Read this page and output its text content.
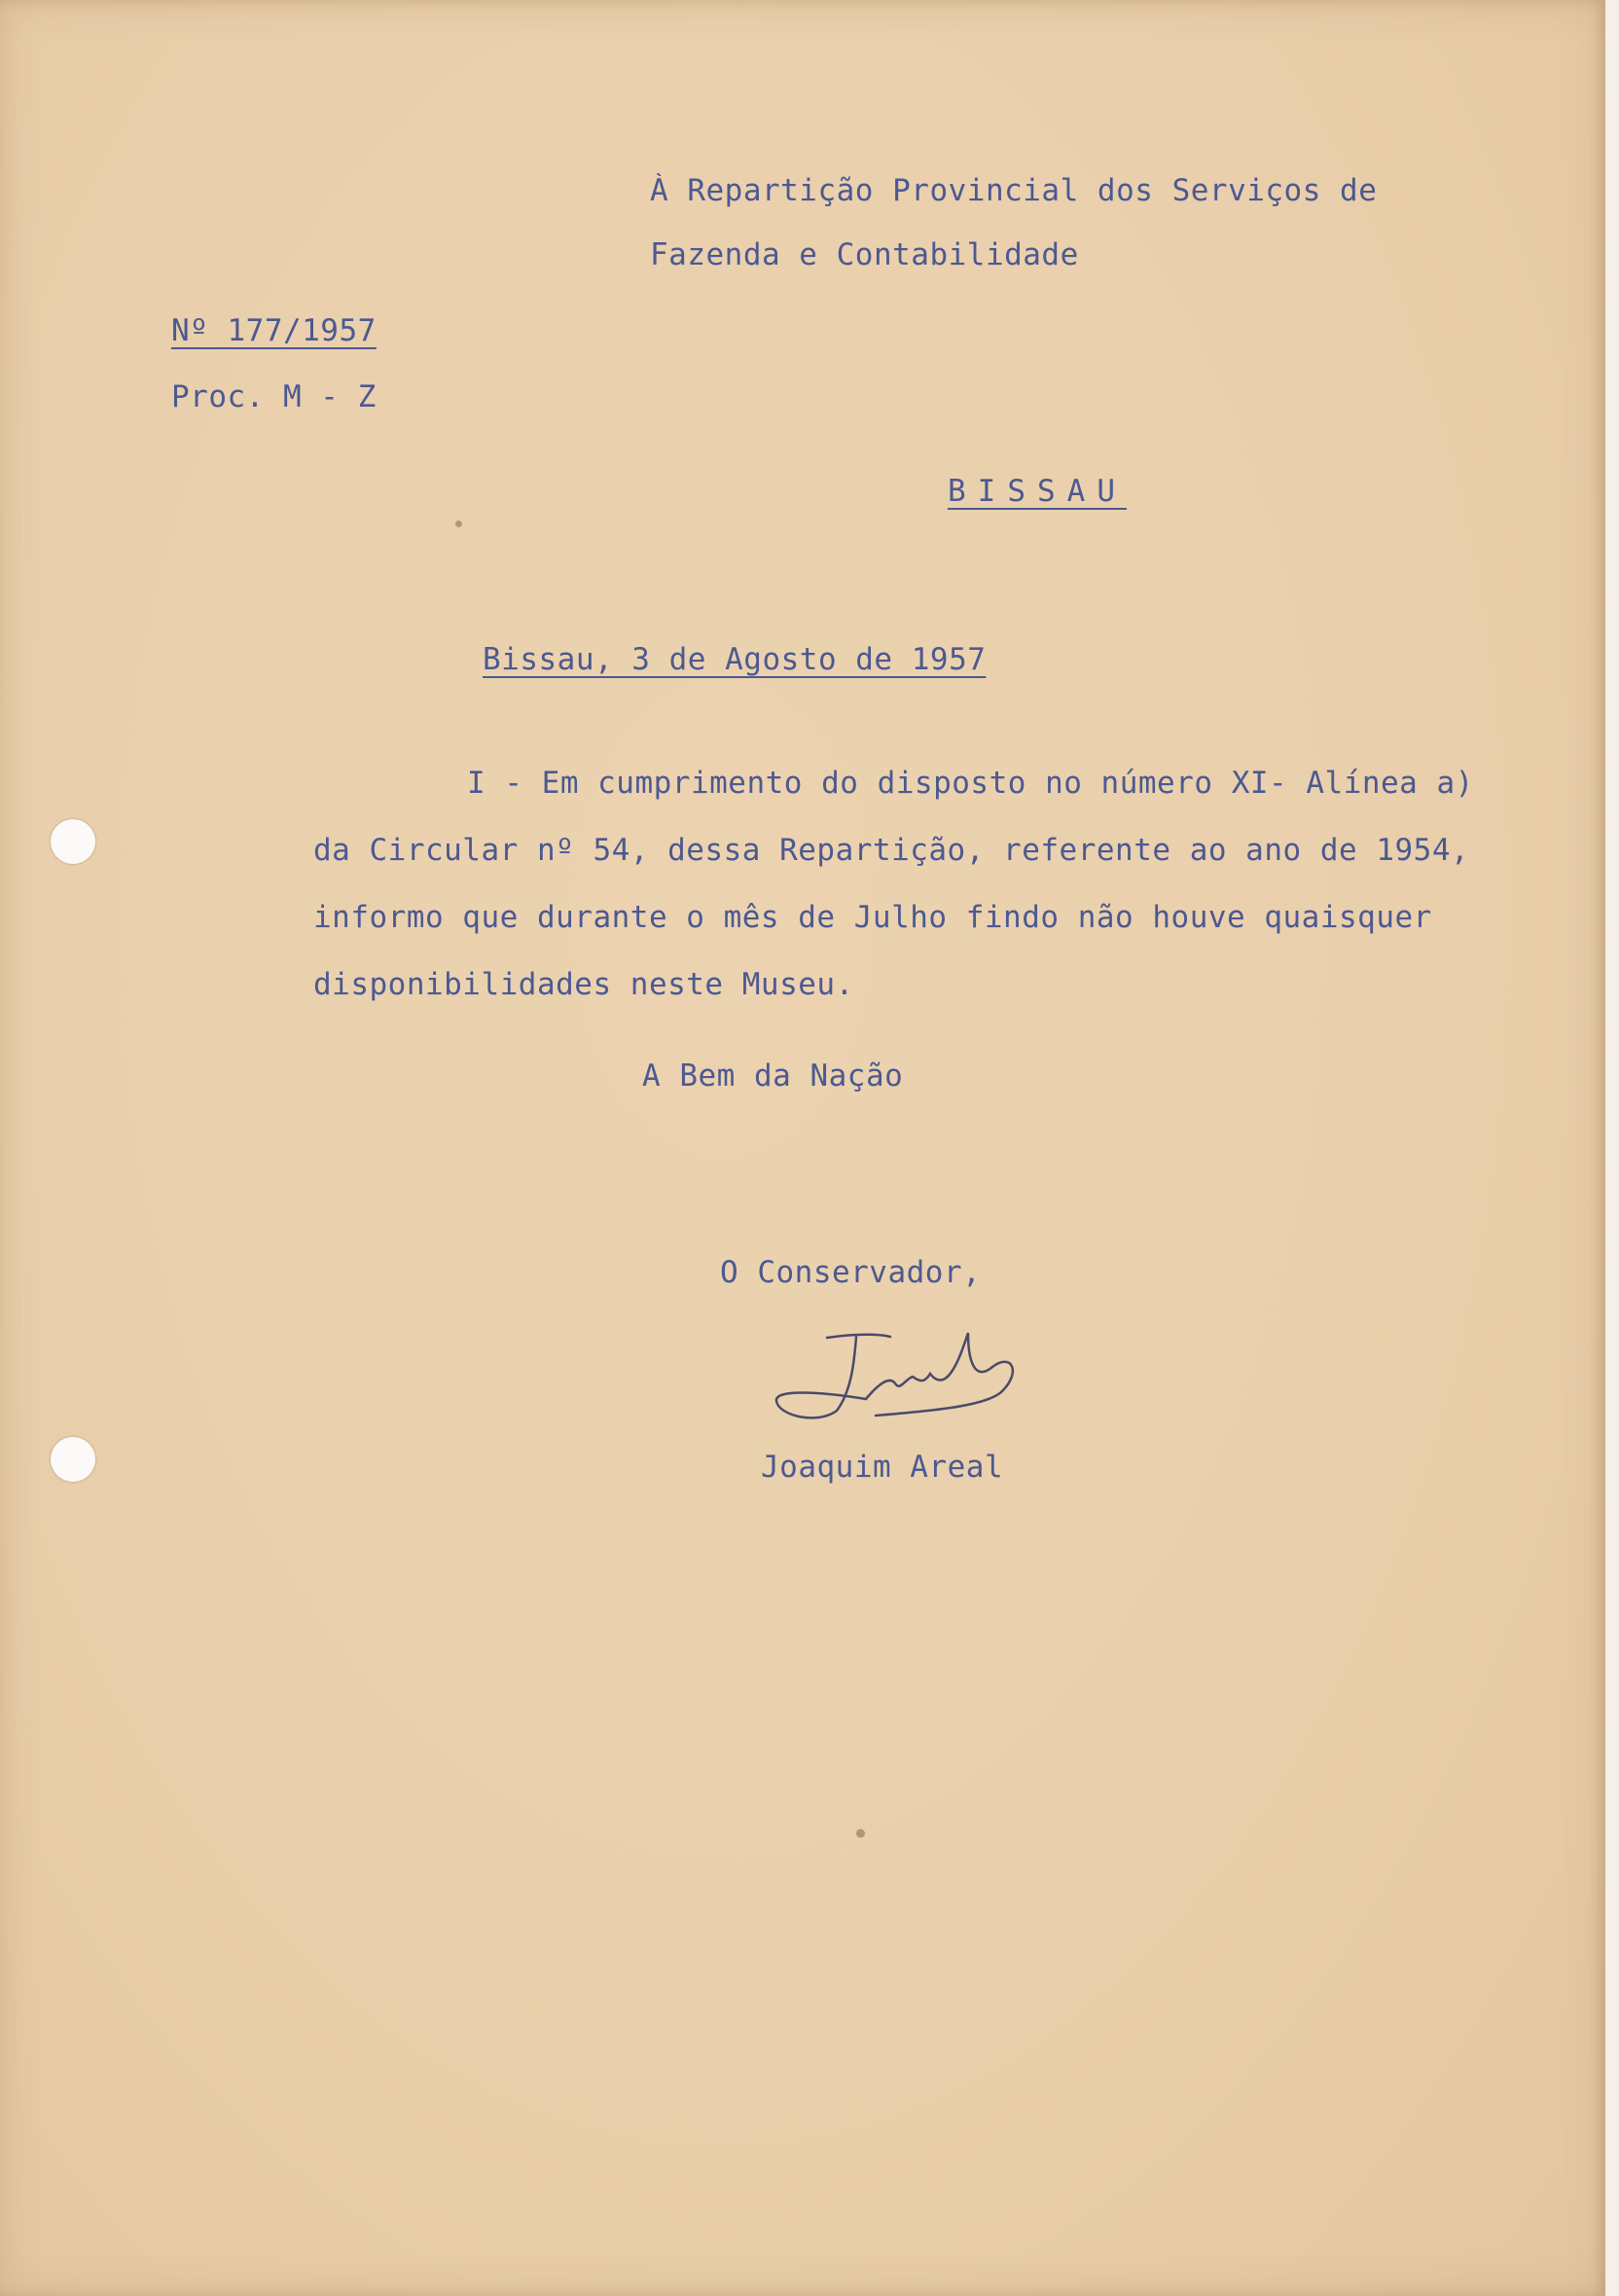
À Repartição Provincial dos Serviços de
Fazenda e Contabilidade
Nº 177/1957
Proc. M - Z
BISSAU
Bissau, 3 de Agosto de 1957
I - Em cumprimento do disposto no número XI- Alínea a)
da Circular nº 54, dessa Repartição, referente ao ano de 1954,
informo que durante o mês de Julho findo não houve quaisquer
disponibilidades neste Museu.
A Bem da Nação
O Conservador,
Joaquim Areal
